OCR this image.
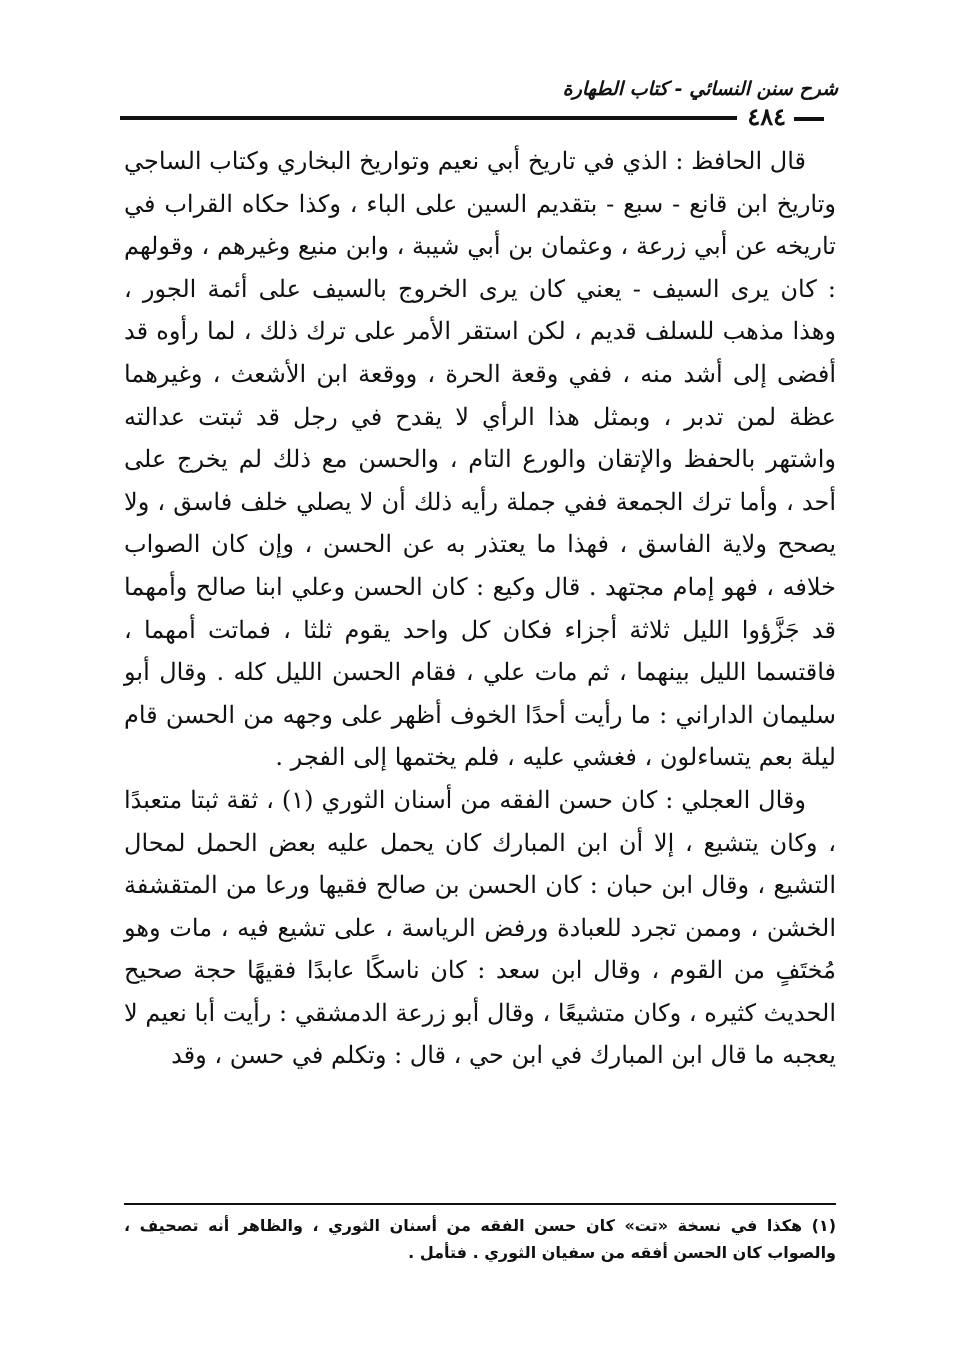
شرح سنن النسائي - كتاب الطهارة
٤٨٤

قال الحافظ : الذي في تاريخ أبي نعيم وتواريخ البخاري وكتاب الساجي وتاريخ ابن قانع - سبع - بتقديم السين على الباء ، وكذا حكاه القراب في تاريخه عن أبي زرعة ، وعثمان بن أبي شيبة ، وابن منيع وغيرهم ، وقولهم : كان يرى السيف - يعني كان يرى الخروج بالسيف على أئمة الجور ، وهذا مذهب للسلف قديم ، لكن استقر الأمر على ترك ذلك ، لما رأوه قد أفضى إلى أشد منه ، ففي وقعة الحرة ، ووقعة ابن الأشعث ، وغيرهما عظة لمن تدبر ، وبمثل هذا الرأي لا يقدح في رجل قد ثبتت عدالته واشتهر بالحفظ والإتقان والورع التام ، والحسن مع ذلك لم يخرج على أحد ، وأما ترك الجمعة ففي جملة رأيه ذلك أن لا يصلي خلف فاسق ، ولا يصحح ولاية الفاسق ، فهذا ما يعتذر به عن الحسن ، وإن كان الصواب خلافه ، فهو إمام مجتهد . قال وكيع : كان الحسن وعلي ابنا صالح وأمهما قد جَزَّؤوا الليل ثلاثة أجزاء فكان كل واحد يقوم ثلثا ، فماتت أمهما ، فاقتسما الليل بينهما ، ثم مات علي ، فقام الحسن الليل كله . وقال أبو سليمان الداراني : ما رأيت أحدًا الخوف أظهر على وجهه من الحسن قام ليلة بعم يتساءلون ، فغشي عليه ، فلم يختمها إلى الفجر .

وقال العجلي : كان حسن الفقه من أسنان الثوري (١) ، ثقة ثبتا متعبدًا ، وكان يتشيع ، إلا أن ابن المبارك كان يحمل عليه بعض الحمل لمحال التشيع ، وقال ابن حبان : كان الحسن بن صالح فقيها ورعا من المتقشفة الخشن ، وممن تجرد للعبادة ورفض الرياسة ، على تشيع فيه ، مات وهو مُختَفٍ من القوم ، وقال ابن سعد : كان ناسكًا عابدًا فقيهًا حجة صحيح الحديث كثيره ، وكان متشيعًا ، وقال أبو زرعة الدمشقي : رأيت أبا نعيم لا يعجبه ما قال ابن المبارك في ابن حي ، قال : وتكلم في حسن ، وقد

(١) هكذا في نسخة «تت» كان حسن الفقه من أسنان الثوري ، والظاهر أنه تصحيف ، والصواب كان الحسن أفقه من سفيان الثوري . فتأمل .
